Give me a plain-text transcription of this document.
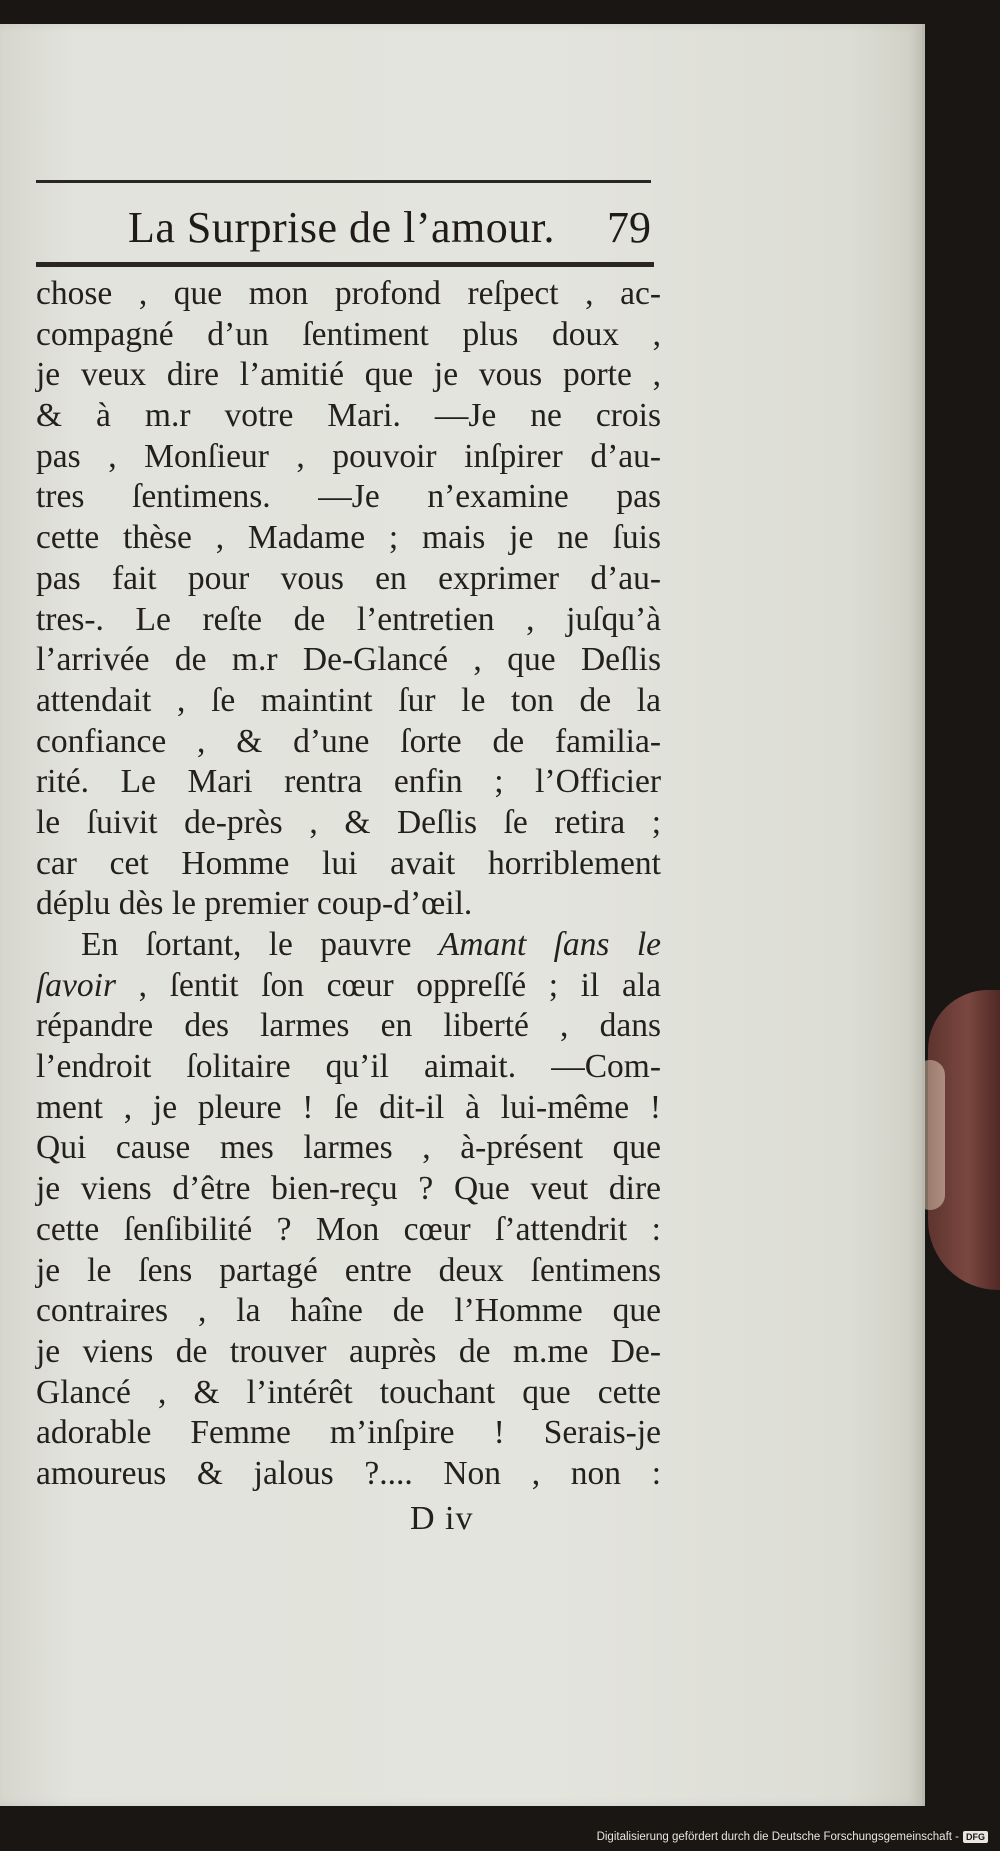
La Surprise de l’amour. 79
chose , que mon profond reſpect , ac-
compagné d’un ſentiment plus doux ,
je veux dire l’amitié que je vous porte ,
& à m.r votre Mari. —Je ne crois
pas , Monſieur , pouvoir inſpirer d’au-
tres ſentimens. —Je n’examine pas
cette thèse , Madame ; mais je ne ſuis
pas fait pour vous en exprimer d’au-
tres-. Le reſte de l’entretien , juſqu’à
l’arrivée de m.r De-Glancé , que Deſlis
attendait , ſe maintint ſur le ton de la
confiance , & d’une ſorte de familia-
rité. Le Mari rentra enfin ; l’Officier
le ſuivit de-près , & Deſlis ſe retira ;
car cet Homme lui avait horriblement
déplu dès le premier coup-d’œil.
En ſortant, le pauvre Amant ſans le
ſavoir , ſentit ſon cœur oppreſſé ; il ala
répandre des larmes en liberté , dans
l’endroit ſolitaire qu’il aimait. —Com-
ment , je pleure ! ſe dit-il à lui-même !
Qui cause mes larmes , à-présent que
je viens d’être bien-reçu ? Que veut dire
cette ſenſibilité ? Mon cœur ſ’attendrit :
je le ſens partagé entre deux ſentimens
contraires , la haîne de l’Homme que
je viens de trouver auprès de m.me De-
Glancé , & l’intérêt touchant que cette
adorable Femme m’inſpire ! Serais-je
amoureus & jalous ?.... Non , non :
D iv
Digitalisierung gefördert durch die Deutsche Forschungsgemeinschaft - DFG
